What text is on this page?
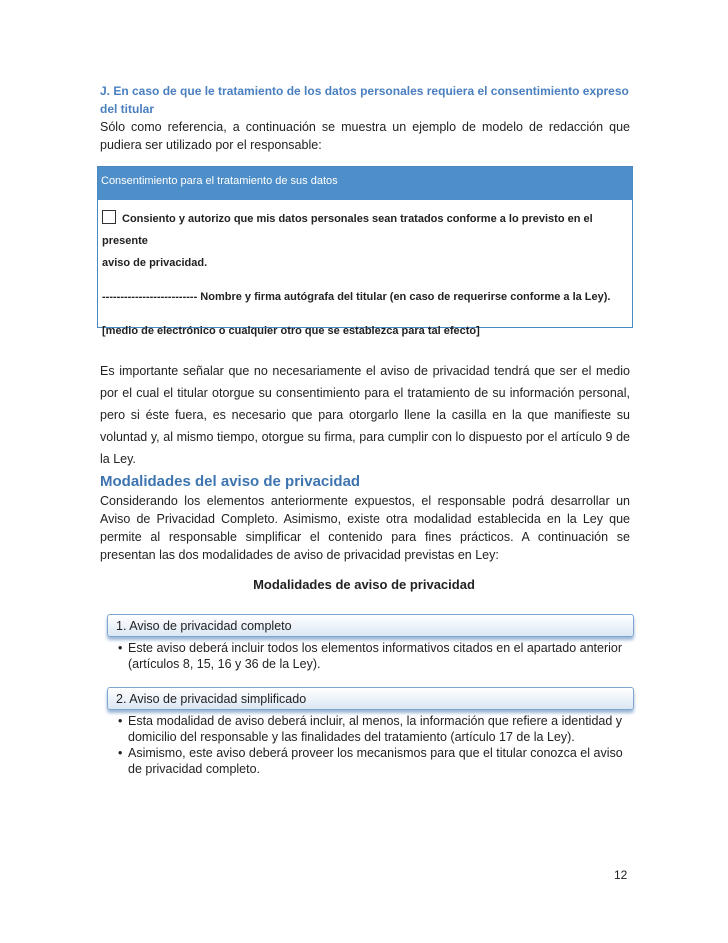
J. En caso de que le tratamiento de los datos personales requiera el consentimiento expreso del titular
Sólo como referencia, a continuación se muestra un ejemplo de modelo de redacción que pudiera ser utilizado por el responsable:
Consentimiento para el tratamiento de sus datos
Consiento y autorizo que mis datos personales sean tratados conforme a lo previsto en el presente
aviso de privacidad.
-------------------------- Nombre y firma autógrafa del titular (en caso de requerirse conforme a la Ley).
[medio de electrónico o cualquier otro que se establezca para tal efecto]
Es importante señalar que no necesariamente el aviso de privacidad tendrá que ser el medio por el cual el titular otorgue su consentimiento para el tratamiento de su información personal, pero si éste fuera, es necesario que para otorgarlo llene la casilla en la que manifieste su voluntad y, al mismo tiempo, otorgue su firma, para cumplir con lo dispuesto por el artículo 9 de la Ley.
Modalidades del aviso de privacidad
Considerando los elementos anteriormente expuestos, el responsable podrá desarrollar un Aviso de Privacidad Completo. Asimismo, existe otra modalidad establecida en la Ley que permite al responsable simplificar el contenido para fines prácticos. A continuación se presentan las dos modalidades de aviso de privacidad previstas en Ley:
Modalidades de aviso de privacidad
1. Aviso de privacidad completo
• Este aviso deberá incluir todos los elementos informativos citados en el apartado anterior (artículos 8, 15, 16 y 36 de la Ley).
2. Aviso de privacidad simplificado
• Esta modalidad de aviso deberá incluir, al menos, la información que refiere a identidad y domicilio del responsable y las finalidades del tratamiento (artículo 17 de la Ley).
• Asimismo, este aviso deberá proveer los mecanismos para que el titular conozca el aviso de privacidad completo.
12
